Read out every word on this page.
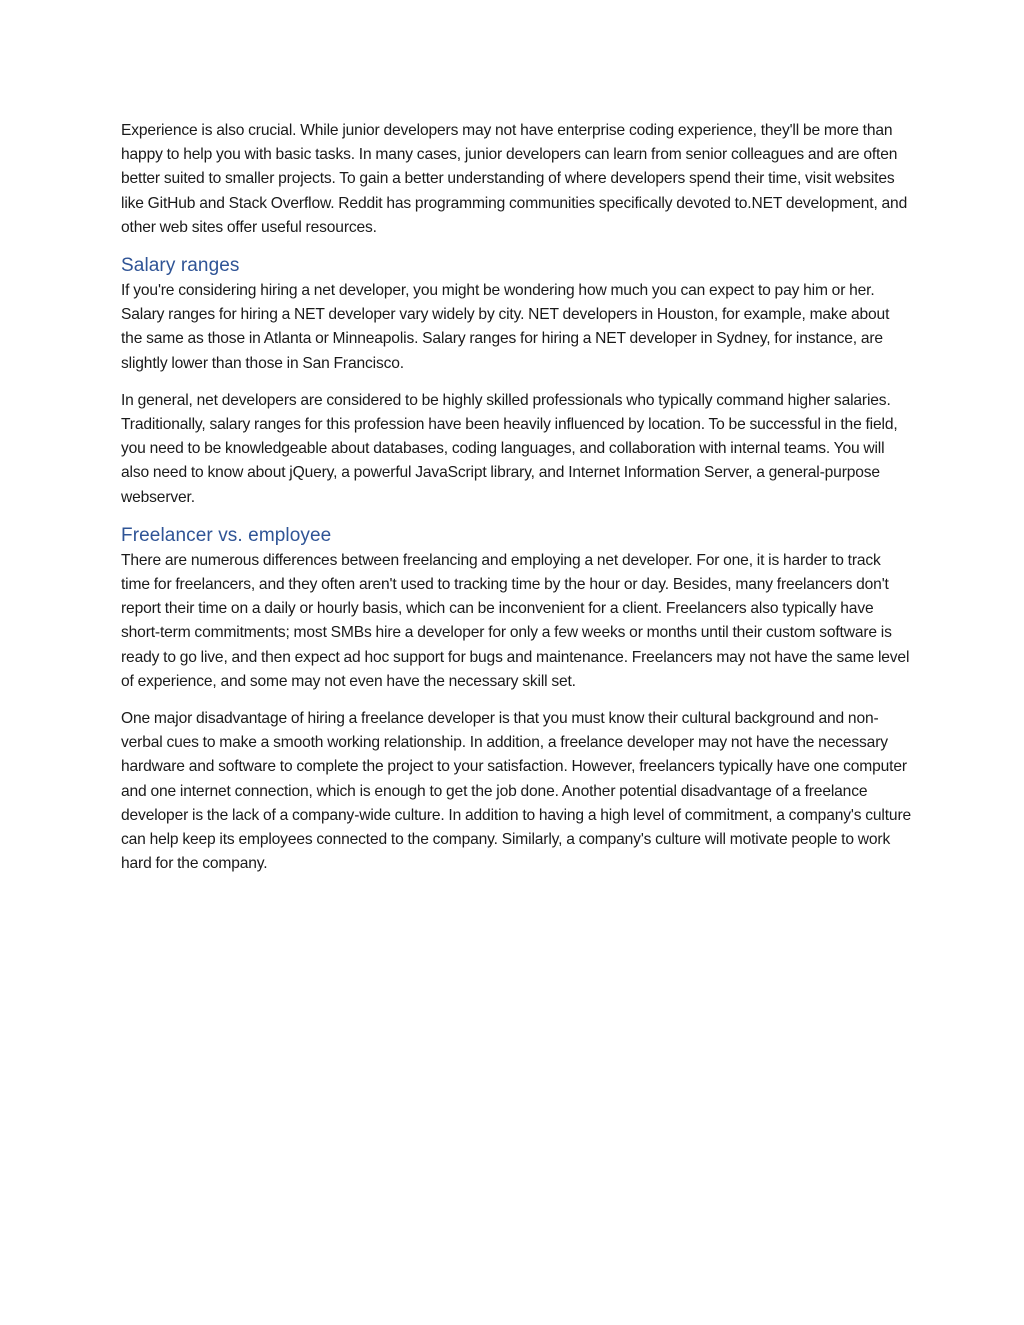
Experience is also crucial. While junior developers may not have enterprise coding experience, they'll be more than happy to help you with basic tasks. In many cases, junior developers can learn from senior colleagues and are often better suited to smaller projects. To gain a better understanding of where developers spend their time, visit websites like GitHub and Stack Overflow. Reddit has programming communities specifically devoted to.NET development, and other web sites offer useful resources.

Salary ranges

If you're considering hiring a net developer, you might be wondering how much you can expect to pay him or her. Salary ranges for hiring a NET developer vary widely by city. NET developers in Houston, for example, make about the same as those in Atlanta or Minneapolis. Salary ranges for hiring a NET developer in Sydney, for instance, are slightly lower than those in San Francisco.

In general, net developers are considered to be highly skilled professionals who typically command higher salaries. Traditionally, salary ranges for this profession have been heavily influenced by location. To be successful in the field, you need to be knowledgeable about databases, coding languages, and collaboration with internal teams. You will also need to know about jQuery, a powerful JavaScript library, and Internet Information Server, a general-purpose webserver.

Freelancer vs. employee

There are numerous differences between freelancing and employing a net developer. For one, it is harder to track time for freelancers, and they often aren't used to tracking time by the hour or day. Besides, many freelancers don't report their time on a daily or hourly basis, which can be inconvenient for a client. Freelancers also typically have short-term commitments; most SMBs hire a developer for only a few weeks or months until their custom software is ready to go live, and then expect ad hoc support for bugs and maintenance. Freelancers may not have the same level of experience, and some may not even have the necessary skill set.

One major disadvantage of hiring a freelance developer is that you must know their cultural background and non-verbal cues to make a smooth working relationship. In addition, a freelance developer may not have the necessary hardware and software to complete the project to your satisfaction. However, freelancers typically have one computer and one internet connection, which is enough to get the job done. Another potential disadvantage of a freelance developer is the lack of a company-wide culture. In addition to having a high level of commitment, a company's culture can help keep its employees connected to the company. Similarly, a company's culture will motivate people to work hard for the company.
